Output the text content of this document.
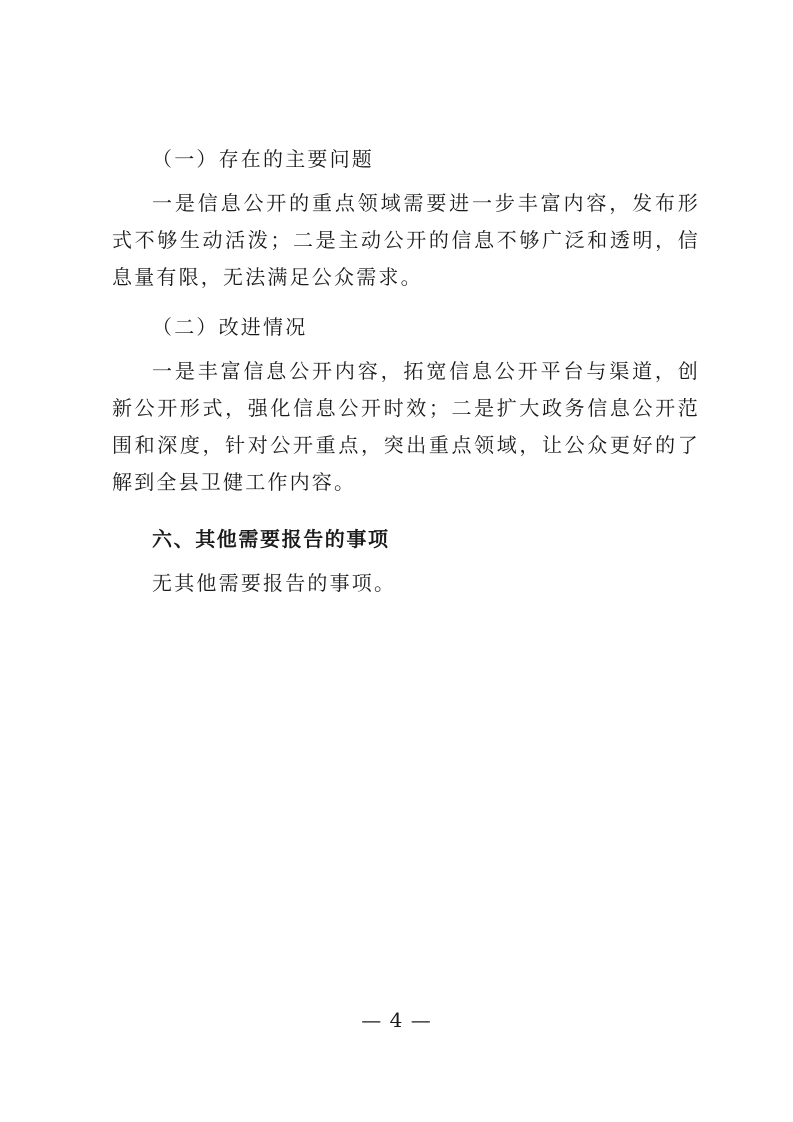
（一）存在的主要问题

一是信息公开的重点领域需要进一步丰富内容，发布形式不够生动活泼；二是主动公开的信息不够广泛和透明，信息量有限，无法满足公众需求。

（二）改进情况

一是丰富信息公开内容，拓宽信息公开平台与渠道，创新公开形式，强化信息公开时效；二是扩大政务信息公开范围和深度，针对公开重点，突出重点领域，让公众更好的了解到全县卫健工作内容。

六、其他需要报告的事项

无其他需要报告的事项。

— 4 —
